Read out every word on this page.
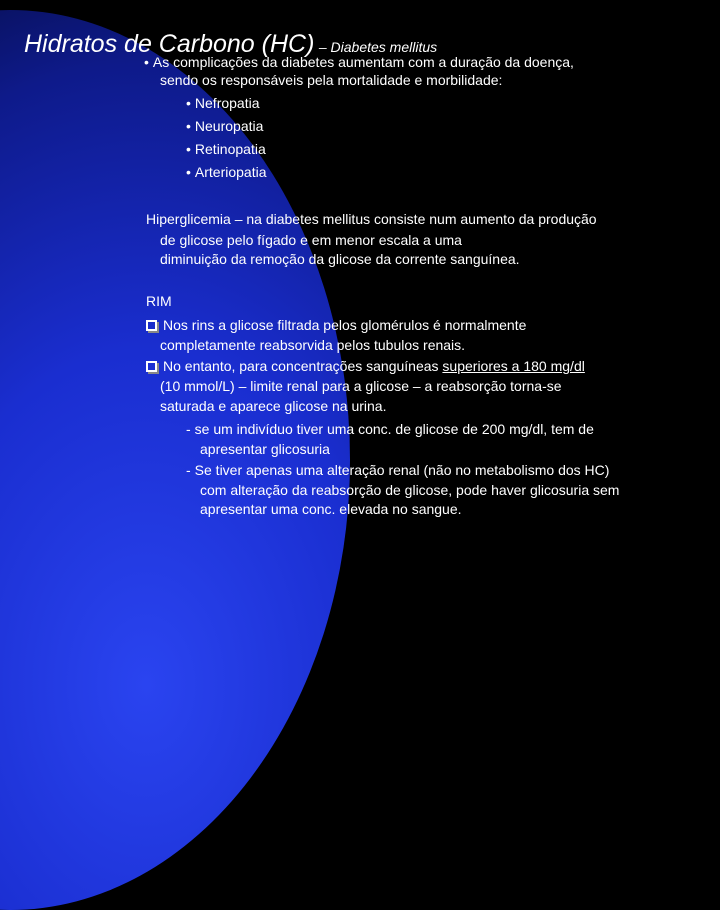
Hidratos de Carbono (HC) – Diabetes mellitus
• As complicações da diabetes aumentam com a duração da doença,
sendo os responsáveis pela mortalidade e morbilidade:
• Nefropatia
• Neuropatia
• Retinopatia
• Arteriopatia
Hiperglicemia – na diabetes mellitus consiste num aumento da produção
de glicose pelo fígado e em menor escala a uma
diminuição da remoção da glicose da corrente sanguínea.
RIM
Nos rins a glicose filtrada pelos glomérulos é normalmente
completamente reabsorvida pelos tubulos renais.
No entanto, para concentrações sanguíneas superiores a 180 mg/dl
(10 mmol/L) – limite renal para a glicose – a reabsorção torna-se
saturada e aparece glicose na urina.
- se um indivíduo tiver uma conc. de glicose de 200 mg/dl, tem de
apresentar glicosuria
- Se tiver apenas uma alteração renal (não no metabolismo dos HC)
com alteração da reabsorção de glicose, pode haver glicosuria sem
apresentar uma conc. elevada no sangue.
